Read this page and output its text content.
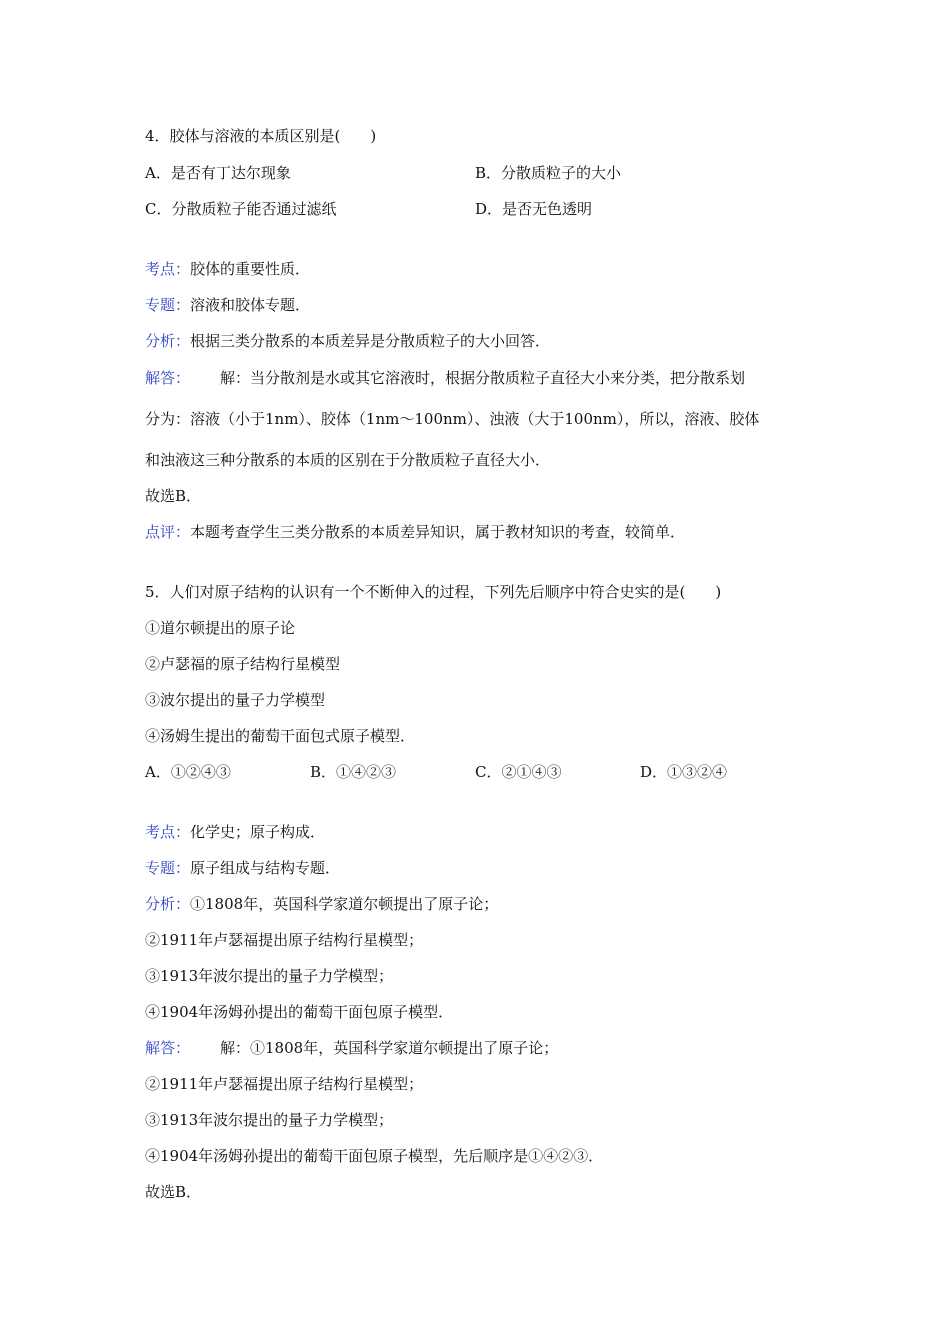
4．胶体与溶液的本质区别是(　　)
A．是否有丁达尔现象	B．分散质粒子的大小
C．分散质粒子能否通过滤纸	D．是否无色透明
考点：胶体的重要性质．
专题：溶液和胶体专题．
分析：根据三类分散系的本质差异是分散质粒子的大小回答．
解答： 解：当分散剂是水或其它溶液时，根据分散质粒子直径大小来分类，把分散系划
分为：溶液（小于1nm）、胶体（1nm～100nm）、浊液（大于100nm），所以，溶液、胶体
和浊液这三种分散系的本质的区别在于分散质粒子直径大小．
故选B．
点评：本题考查学生三类分散系的本质差异知识，属于教材知识的考查，较简单．
5．人们对原子结构的认识有一个不断伸入的过程，下列先后顺序中符合史实的是(　　)
①道尔顿提出的原子论
②卢瑟福的原子结构行星模型
③波尔提出的量子力学模型
④汤姆生提出的葡萄干面包式原子模型．
A．①②④③	B．①④②③	C．②①④③	D．①③②④
考点：化学史；原子构成．
专题：原子组成与结构专题．
分析：①1808年，英国科学家道尔顿提出了原子论；
②1911年卢瑟福提出原子结构行星模型；
③1913年波尔提出的量子力学模型；
④1904年汤姆孙提出的葡萄干面包原子模型．
解答： 解：①1808年，英国科学家道尔顿提出了原子论；
②1911年卢瑟福提出原子结构行星模型；
③1913年波尔提出的量子力学模型；
④1904年汤姆孙提出的葡萄干面包原子模型，先后顺序是①④②③．
故选B．
